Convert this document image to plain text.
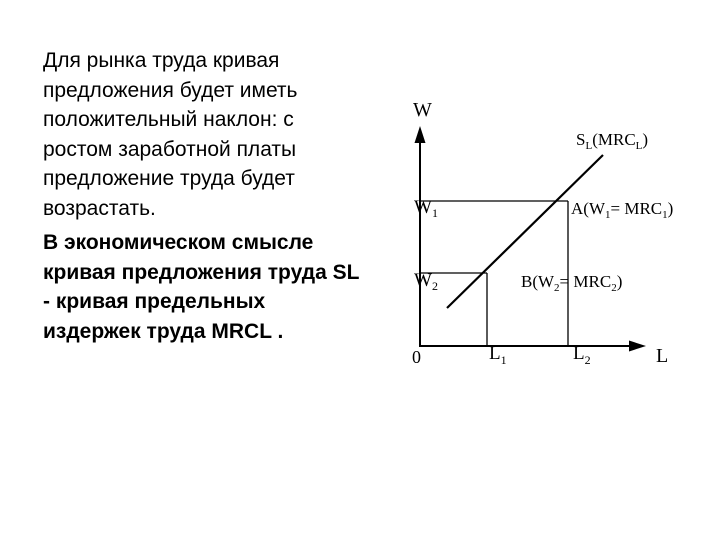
Для рынка труда кривая предложения будет иметь положительный наклон: с ростом заработной платы предложение труда будет возрастать.

В экономическом смысле кривая предложения труда SL - кривая предельных издержек труда MRCL .

W
L
0
$W_1$
$W_2$
$L_1$	$L_2$
$S_L(MRC_L)$
$A(W_1= MRC_1)$
$B(W_2= MRC_2)$
